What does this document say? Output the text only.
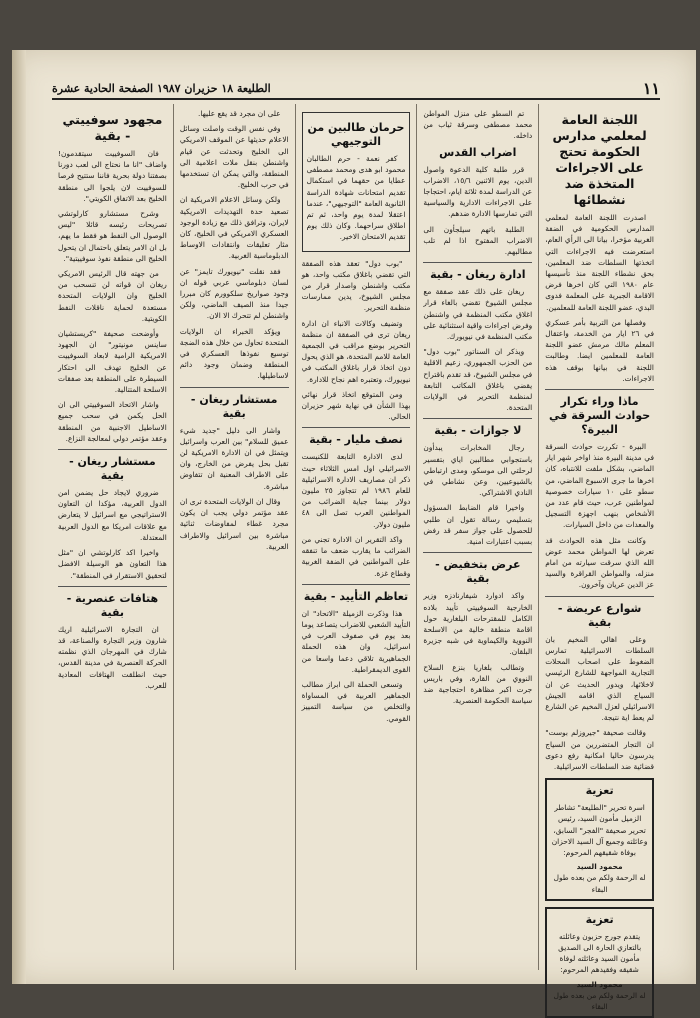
١١
الطليعة ١٨ حزيران ١٩٨٧ الصفحة الحادية عشرة
اللجنة العامة لمعلمي مدارس الحكومة تحتج على الاجراءات المتخذة ضد نشطائها
اصدرت اللجنة العامة لمعلمي المدارس الحكومية في الضفة الغربية مؤخرا، بيانا الى الرأي العام، استعرضت فيه الاجراءات التي اتخذتها السلطات ضد المعلمين، بحق نشطاء اللجنة منذ تأسيسها عام ١٩٨٠ التي كان اخرها فرض الاقامة الجبرية على المعلمة فدوى البدي، عضو اللجنة العامة للمعلمين.
وفصلها من التربية بأمر عسكري في ٢٦ ايار من الخدمة، واعتقال المعلم مالك مرمش عضو اللجنة العامة للمعلمين ايضا. وطالبت اللجنة في بيانها بوقف هذه الاجراءات.
ماذا وراء تكرار حوادث السرقة في البيرة؟
البيرة - تكررت حوادث السرقة في مدينة البيرة منذ اواخر شهر ايار الماضي، بشكل ملفت للانتباه، كان اخرها ما جرى الاسبوع الماضي، من سطو على ١٠ سيارات خصوصية لمواطنين عرب، حيث قام عدد من الأشخاص بنهب اجهزة التسجيل والمعدات من داخل السيارات.
وكانت مثل هذه الحوادث قد تعرض لها المواطن محمد عوض الله الذي سرقت سيارته من امام منزله، والمواطن القراقرة والسيد عز الدين عريان وآخرون.
شوارع عريضة - بقية
وعلى اهالي المخيم بان السلطات الاسرائيلية تمارس الضغوط على اصحاب المحلات التجارية المواجهة للشارع الرئيسي لاخلائها، ويدور الحديث عن ان السياج الذي اقامه الجيش الاسرائيلي لعزل المخيم عن الشارع لم يعط اية نتيجة.
وقالت صحيفة "جيروزلم بوست" ان التجار المتضررين من السياج يدرسون حاليا امكانية رفع دعوى قضائية ضد السلطات الاسرائيلية.
تعزية
اسرة تحرير "الطليعة" تشاطر الزميل مأمون السيد، رئيس تحرير صحيفة "الفجر" السابق، وعائلته وجميع آل السيد الاحزان بوفاة شقيقهم المرحوم:
محمود السيد
له الرحمة ولكم من بعده طول البقاء
تعزية
يتقدم جورج حزبون وعائلته بالتعازي الحارة الى الصديق مأمون السيد وعائلته لوفاة شقيقه وفقيدهم المرحوم:
محمود السيد
له الرحمة ولكم من بعده طول البقاء
تم السطو على منزل المواطن محمد مصطفى وسرقة ثياب من داخله.
اضراب القدس
قرر طلبة كلية الدعوة واصول الدين، يوم الاثنين ١٥/٦، الاضراب عن الدراسة لمدة ثلاثة ايام، احتجاجا على الاجراءات الادارية والسياسية التي تمارسها الادارة ضدهم.
الطلبة باتهم سيلجأون الى الاضراب المفتوح اذا لم تلب مطالبهم.
ادارة ريغان - بقية
ريغان على ذلك عقد صفقة مع مجلس الشيوخ تقضي بالغاء قرار اغلاق مكتب المنظمة في واشنطن وفرض اجراءات واقية استثنائية على مكتب المنظمة في نيويورك.
ويذكر ان السناتور "بوب دول" من الحزب الجمهوري، زعيم الاقلية في مجلس الشيوخ، قد تقدم باقتراح يقضي باغلاق المكاتب التابعة لمنظمة التحرير في الولايات المتحدة.
لا جوازات - بقية
رجال المخابرات يبدأون باستجوابي مطالبين اياي بتفسير لرحلتي الى موسكو، ومدى ارتباطي بالشيوعيين، وعن نشاطي في النادي الاشتراكي.
واخيرا قام الضابط المسؤول بتسليمي رسالة تقول ان طلبي للحصول على جواز سفر قد رفض بسبب اعتبارات امنية.
عرض بتخفيض - بقية
واكد ادوارد شيفارنادزه وزير الخارجية السوفييتي تأييد بلاده الكامل للمقترحات البلغارية حول اقامة منطقة خالية من الاسلحة النووية والكيماوية في شبه جزيرة البلقان.
وتطالب بلغاريا بنزع السلاح النووي من القارة، وفي باريس جرت اكبر مظاهرة احتجاجية ضد سياسة الحكومة العنصرية.
حرمان طالبين من التوجيهي
كفر نعمة - حرم الطالبان محمود ابو هدى ومحمد مصطفى عطايا من حقهما في استكمال تقديم امتحانات شهادة الدراسة الثانوية العامة "التوجيهي"، عندما اعتقلا لمدة يوم واحد، ثم تم اطلاق سراحهما. وكان ذلك يوم تقديم الامتحان الاخير.
"بوب دول" تعقد هذه الصفقة التي تقضي باغلاق مكتب واحد، هو مكتب واشنطن واصدار قرار من مجلس الشيوخ، يدين ممارسات منظمة التحرير.
وتضيف وكالات الانباء ان ادارة ريغان ترى في الصفقة ان منظمة التحرير بوضع مراقب في الجمعية العامة للامم المتحدة، هو الذي يحول دون اتخاذ قرار باغلاق المكتب في نيويورك، وتعتبره اهم نجاح للادارة.
ومن المتوقع اتخاذ قرار نهائي بهذا الشأن في نهاية شهر حزيران الحالي.
نصف مليار - بقية
لدى الادارة التابعة للكنيست الاسرائيلي اول امس الثلاثاء حيث ذكر ان مصاريف الادارة الاسرائيلية للعام ١٩٨٦ لم تتجاوز ٢٥ مليون دولار بينما جباية الضرائب من المواطنين العرب تصل الى ٤٨ مليون دولار.
واكد التقرير ان الادارة تجني من الضرائب ما يقارب ضعف ما تنفقه على المواطنين في الضفة الغربية وقطاع غزة.
تعاظم التأييد - بقية
هذا وذكرت الزميلة "الاتحاد" ان التأييد الشعبي للاضراب يتصاعد يوما بعد يوم في صفوف العرب في اسرائيل، وان هذه الحملة الجماهيرية تلاقي دعما واسعا من القوى الديمقراطية.
وتسعى الحملة الى ابراز مطالب الجماهير العربية في المساواة والتخلص من سياسة التمييز القومي.
على ان مجرد قد يقع عليها.
وفي نفس الوقت واصلت وسائل الاعلام حديثها عن الموقف الامريكي الى الخليج وتحدثت عن قيام واشنطن بنقل ملات اعلامية الى المنطقة، والتي يمكن ان تستخدمها في حرب الخليج.
ولكن وسائل الاعلام الامريكية ان تصعيد حدة التهديدات الامريكية لايران، وترافق ذلك مع زيادة الوجود العسكري الامريكي في الخليج، كان مثار تعليقات وانتقادات الاوساط الدبلوماسية الغربية.
فقد نقلت "نيويورك تايمز" عن لسان دبلوماسي عربي قوله ان وجود صواريخ سلكوورم كان مبررا جيدا منذ الصيف الماضي، ولكن واشنطن لم تتحرك الا الان.
ويؤكد الخبراء ان الولايات المتحدة تحاول من خلال هذه الضجة توسيع نفوذها العسكري في المنطقة وضمان وجود دائم لاساطيلها.
مستشار ريغان - بقية
واشار الى دليل "جديد شيء عميق للسلام" بين العرب واسرائيل ويتمثل في ان الادارة الامريكية لن تقبل بحل يفرض من الخارج، وان على الاطراف المعنية ان تتفاوض مباشرة.
وقال ان الولايات المتحدة ترى ان عقد مؤتمر دولي يجب ان يكون مجرد غطاء لمفاوضات ثنائية مباشرة بين اسرائيل والاطراف العربية.
مجهود سوفييتي - بقية
فان السوفييت سيتقدمون! واضاف "انا ما نحتاج الى لعب دورنا بصفتنا دولة بحرية فاننا ستتيح فرصا للسوفييت لان يلجوا الى منطقة الخليج بعد الاتفاق الكويتي".
وشرح مستشارو كارلوتشي تصريحات رئيسه قائلا "ليس الوصول الى النفط هو فقط ما يهم، بل ان الامر يتعلق باحتمال ان يتحول الخليج الى منطقة نفوذ سوفييتية".
من جهته قال الرئيس الامريكي ريغان ان قواته لن تنسحب من الخليج وان الولايات المتحدة مستعدة لحماية ناقلات النفط الكويتية.
وأوضحت صحيفة "كريستشيان ساينس مونيتور" ان الجهود الامريكية الرامية لابعاد السوفييت عن الخليج تهدف الى احتكار السيطرة على المنطقة بعد صفقات الاسلحة المتتالية.
واشار الاتحاد السوفييتي الى ان الحل يكمن في سحب جميع الاساطيل الاجنبية من المنطقة وعقد مؤتمر دولي لمعالجة النزاع.
مستشار ريغان - بقية
ضروري لايجاد حل يضمن امن الدول العربية، مؤكدا ان التعاون الاستراتيجي مع اسرائيل لا يتعارض مع علاقات امريكا مع الدول العربية المعتدلة.
واخيرا اكد كارلوتشي ان "مثل هذا التعاون هو الوسيلة الافضل لتحقيق الاستقرار في المنطقة".
هتافات عنصرية - بقية
ان التجارة الاسرائيلية اريك شارون وزير التجارة والصناعة، قد شارك في المهرجان الذي نظمته الحركة العنصرية في مدينة القدس، حيث انطلقت الهتافات المعادية للعرب.
